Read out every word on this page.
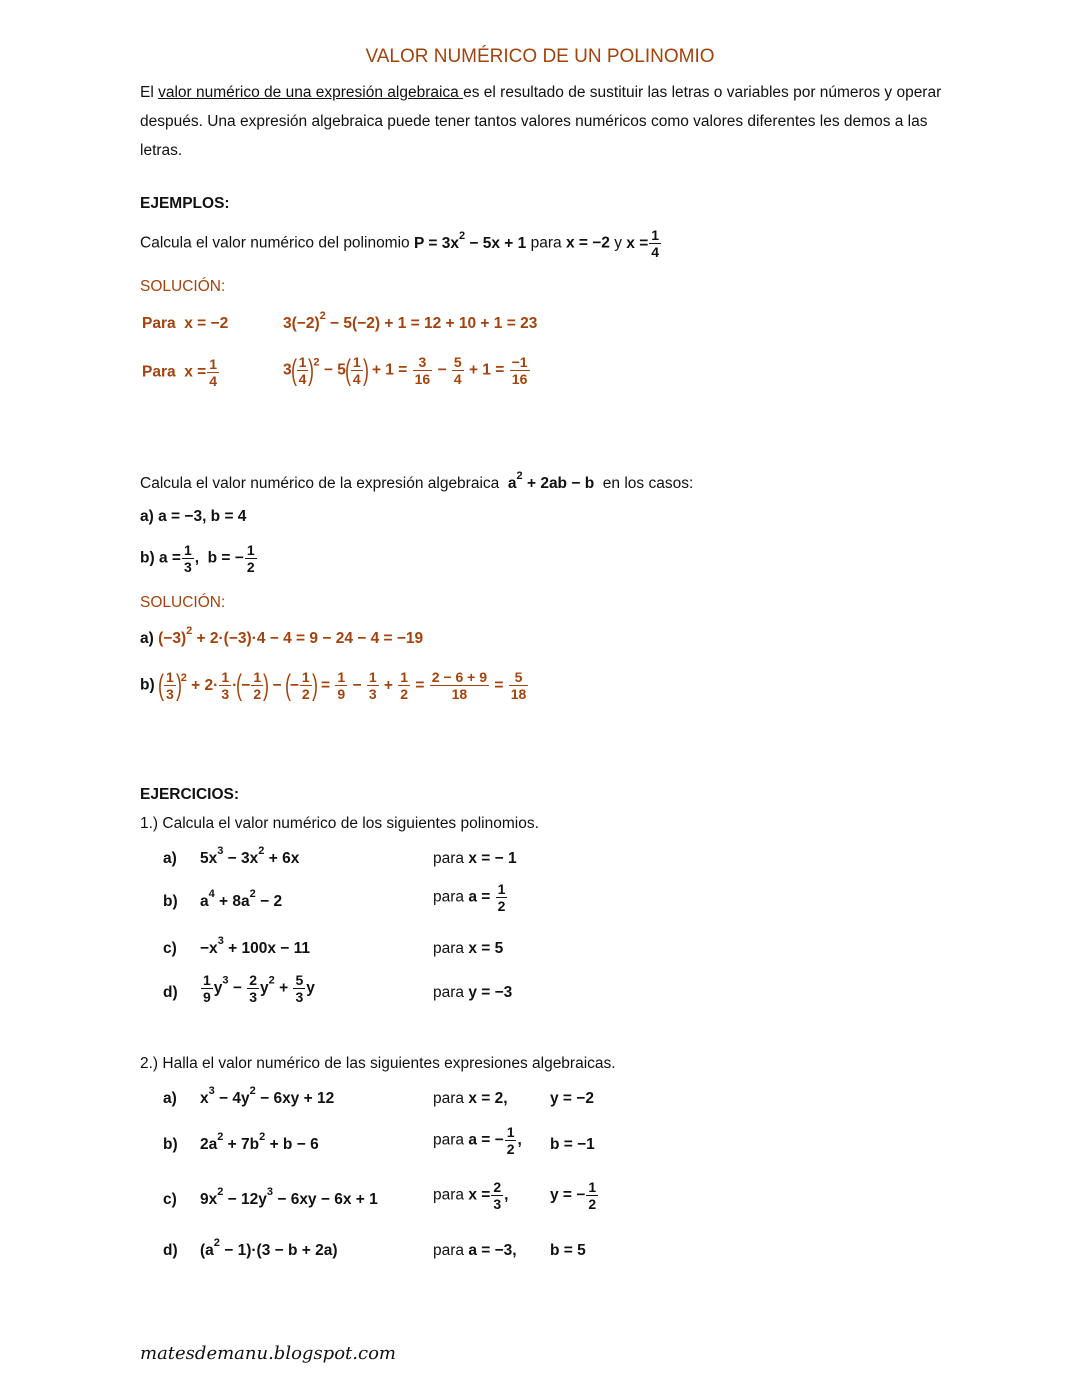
VALOR NUMÉRICO DE UN POLINOMIO
El valor numérico de una expresión algebraica es el resultado de sustituir las letras o variables por números y operar después. Una expresión algebraica puede tener tantos valores numéricos como valores diferentes les demos a las letras.
EJEMPLOS:
Calcula el valor numérico del polinomio $P = 3x^2 - 5x + 1$ para x = −2 y $x = \frac{1}{4}$
SOLUCIÓN:
Para x = −2	$3(-2)^2 - 5(-2) + 1 = 12 + 10 + 1 = 23$
Para  $x = \frac{1}{4}$	$3( \frac{1}{4} )^2 - 5( \frac{1}{4}$ ) + $1 = \frac{3}{16} - \frac{5}{4} + 1 = \frac{-1}{16}$
Calcula el valor numérico de la expresión algebraica  $a^2 + 2ab - b$  en los casos:
a) a = −3, b = 4
b) $a = \frac{1}{3}$ ,  b = − $\frac{1}{2}$
SOLUCIÓN:
a) $(-3)^2 + 2\cdot(-3)\cdot 4 - 4 = 9 - 24 - 4 = -19$
b) ( $\frac{1}{3} )^2 + 2\cdot \frac{1}{3}$ ·(− $\frac{1}{2}$ ) − (− $\frac{1}{2}$ ) = $\frac{1}{9} - \frac{1}{3} + \frac{1}{2} = \frac{2 - 6 + 9}{18} = \frac{5}{18}$
EJERCICIOS:
1.) Calcula el valor numérico de los siguientes polinomios.
a) $5x^3 - 3x^2 + 6x$	para x = − 1
b) $a^4 + 8a^2 - 2$	para $a = \frac{1}{2}$
$c) -x^3 + 100x - 11$	para x = 5
$d) \frac{1}{9} y^3 - \frac{2}{3} y^2 + \frac{5}{3}$ y	para y = −3
2.) Halla el valor numérico de las siguientes expresiones algebraicas.
a) $x^3 - 4y^2 - 6xy + 12$	para x = 2,	y = −2
b) $2a^2 + 7b^2 + b - 6$	para a = − $\frac{1}{2}$ , b = −1
c) $9x^2 - 12y^3 - 6xy - 6x + 1$	para $x = \frac{2}{3}$ ,	y = − $\frac{1}{2}$
d) $(a^2 - 1)\cdot(3 - b + 2a)$	para a = −3, b = 5
matesdemanu.blogspot.com
